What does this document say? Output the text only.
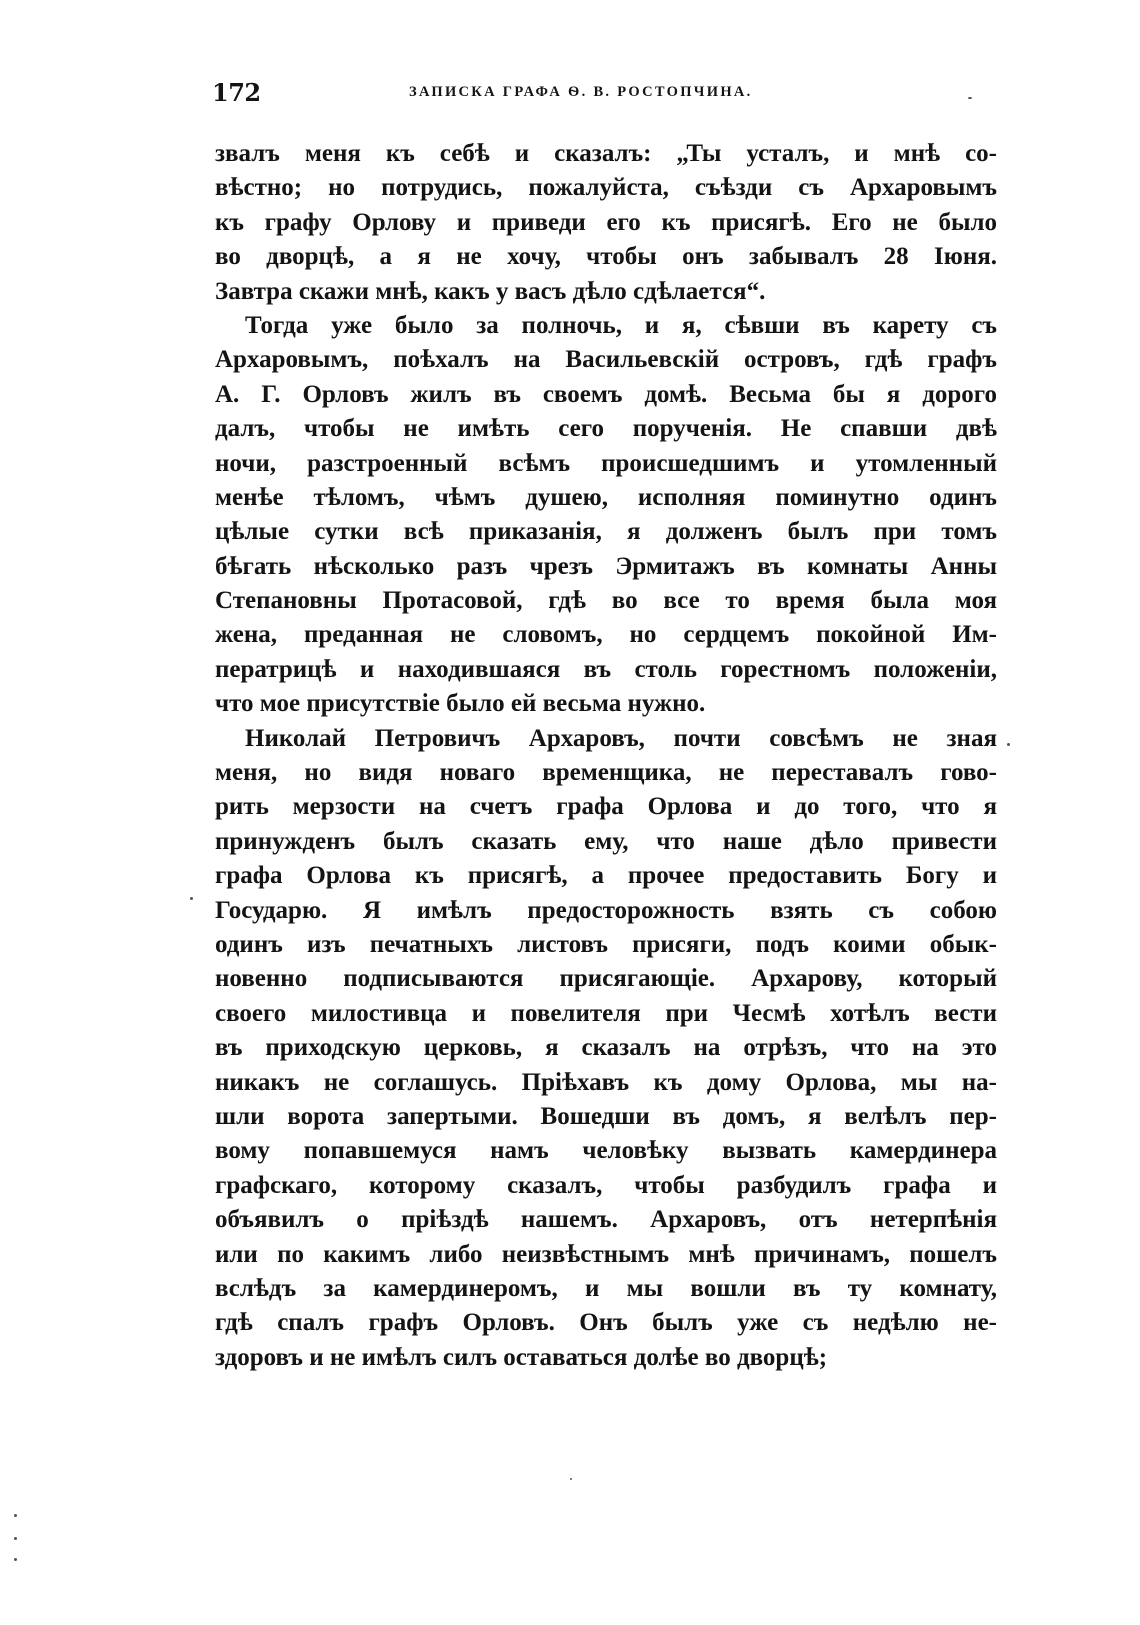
172	ЗАПИСКА ГРАФА Ѳ. В. РОСТОПЧИНА.
звалъ меня къ себѣ и сказалъ: „Ты усталъ, и мнѣ со-
вѣстно; но потрудись, пожалуйста, съѣзди съ Архаровымъ
къ графу Орлову и приведи его къ присягѣ. Его не было
во дворцѣ, а я не хочу, чтобы онъ забывалъ 28 Іюня.
Завтра скажи мнѣ, какъ у васъ дѣло сдѣлается“.
Тогда уже было за полночь, и я, сѣвши въ карету съ
Архаровымъ, поѣхалъ на Васильевскій островъ, гдѣ графъ
А. Г. Орловъ жилъ въ своемъ домѣ. Весьма бы я дорого
далъ, чтобы не имѣть сего порученія. Не спавши двѣ
ночи, разстроенный всѣмъ происшедшимъ и утомленный
менѣе тѣломъ, чѣмъ душею, исполняя поминутно одинъ
цѣлые сутки всѣ приказанія, я долженъ былъ при томъ
бѣгать нѣсколько разъ чрезъ Эрмитажъ въ комнаты Анны
Степановны Протасовой, гдѣ во все то время была моя
жена, преданная не словомъ, но сердцемъ покойной Им-
ператрицѣ и находившаяся въ столь горестномъ положеніи,
что мое присутствіе было ей весьма нужно.
Николай Петровичъ Архаровъ, почти совсѣмъ не зная
меня, но видя новаго временщика, не переставалъ гово-
рить мерзости на счетъ графа Орлова и до того, что я
принужденъ былъ сказать ему, что наше дѣло привести
графа Орлова къ присягѣ, а прочее предоставить Богу и
Государю. Я имѣлъ предосторожность взять съ собою
одинъ изъ печатныхъ листовъ присяги, подъ коими обык-
новенно подписываются присягающіе. Архарову, который
своего милостивца и повелителя при Чесмѣ хотѣлъ вести
въ приходскую церковь, я сказалъ на отрѣзъ, что на это
никакъ не соглашусь. Пріѣхавъ къ дому Орлова, мы на-
шли ворота запертыми. Вошедши въ домъ, я велѣлъ пер-
вому попавшемуся намъ человѣку вызвать камердинера
графскаго, которому сказалъ, чтобы разбудилъ графа и
объявилъ о пріѣздѣ нашемъ. Архаровъ, отъ нетерпѣнія
или по какимъ либо неизвѣстнымъ мнѣ причинамъ, пошелъ
вслѣдъ за камердинеромъ, и мы вошли въ ту комнату,
гдѣ спалъ графъ Орловъ. Онъ былъ уже съ недѣлю не-
здоровъ и не имѣлъ силъ оставаться долѣе во дворцѣ;
